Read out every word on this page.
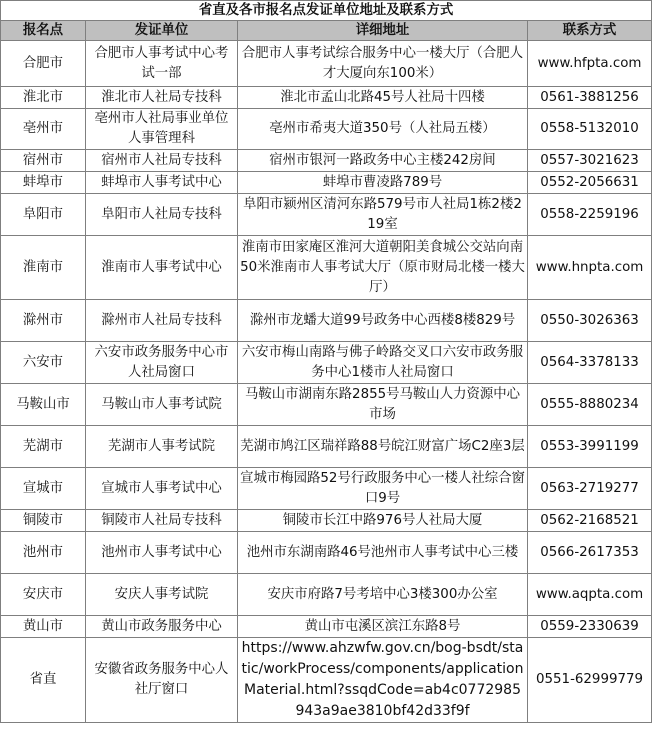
省直及各市报名点发证单位地址及联系方式			
报名点	发证单位	详细地址	联系方式
合肥市	合肥市人事考试中心考试一部	合肥市人事考试综合服务中心一楼大厅（合肥人才大厦向东100米）	www.hfpta.com
淮北市	淮北市人社局专技科	淮北市孟山北路45号人社局十四楼	0561-3881256
亳州市	亳州市人社局事业单位人事管理科	亳州市希夷大道350号（人社局五楼）	0558-5132010
宿州市	宿州市人社局专技科	宿州市银河一路政务中心主楼242房间	0557-3021623
蚌埠市	蚌埠市人事考试中心	蚌埠市曹凌路789号	0552-2056631
阜阳市	阜阳市人社局专技科	阜阳市颍州区清河东路579号市人社局1栋2楼219室	0558-2259196
淮南市	淮南市人事考试中心	淮南市田家庵区淮河大道朝阳美食城公交站向南50米淮南市人事考试大厅（原市财局北楼一楼大厅）	www.hnpta.com
滁州市	滁州市人社局专技科	滁州市龙蟠大道99号政务中心西楼8楼829号	0550-3026363
六安市	六安市政务服务中心市人社局窗口	六安市梅山南路与佛子岭路交叉口六安市政务服务中心1楼市人社局窗口	0564-3378133
马鞍山市	马鞍山市人事考试院	马鞍山市湖南东路2855号马鞍山人力资源中心市场	0555-8880234
芜湖市	芜湖市人事考试院	芜湖市鸠江区瑞祥路88号皖江财富广场C2座3层	0553-3991199
宣城市	宣城市人事考试中心	宣城市梅园路52号行政服务中心一楼人社综合窗口9号	0563-2719277
铜陵市	铜陵市人社局专技科	铜陵市长江中路976号人社局大厦	0562-2168521
池州市	池州市人事考试中心	池州市东湖南路46号池州市人事考试中心三楼	0566-2617353
安庆市	安庆人事考试院	安庆市府路7号考培中心3楼300办公室	www.aqpta.com
黄山市	黄山市政务服务中心	黄山市屯溪区滨江东路8号	0559-2330639
省直	安徽省政务服务中心人社厅窗口	https://www.ahzwfw.gov.cn/bog-bsdt/static/workProcess/components/applicationMaterial.html?ssqdCode=ab4c0772985943a9ae3810bf42d33f9f	0551-62999779
